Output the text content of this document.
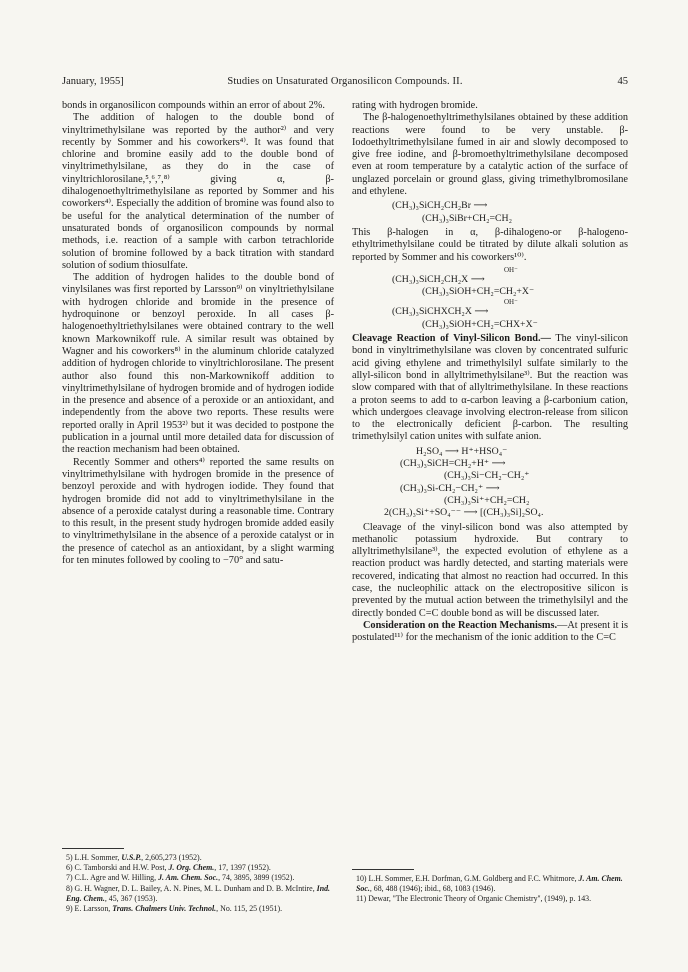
January, 1955]	Studies on Unsaturated Organosilicon Compounds. II.	45

bonds in organosilicon compounds within an error of about 2%.

The addition of halogen to the double bond of vinyltrimethylsilane was reported by the author²⁾ and very recently by Sommer and his coworkers⁴⁾. It was found that chlorine and bromine easily add to the double bond of vinyltrimethylsilane, as they do in the case of vinyltrichlorosilane,⁵,⁶,⁷,⁸⁾ giving α, β-dihalogenoethyltrimethylsilane as reported by Sommer and his coworkers⁴⁾. Especially the addition of bromine was found also to be useful for the analytical determination of the number of unsaturated bonds of organosilicon compounds by normal methods, i.e. reaction of a sample with carbon tetrachloride solution of bromine followed by a back titration with standard solution of sodium thiosulfate.

The addition of hydrogen halides to the double bond of vinylsilanes was first reported by Larsson⁹⁾ on vinyltriethylsilane with hydrogen chloride and bromide in the presence of hydroquinone or benzoyl peroxide. In all cases β-halogenoethyltriethylsilanes were obtained contrary to the well known Markownikoff rule. A similar result was obtained by Wagner and his coworkers⁸⁾ in the aluminum chloride catalyzed addition of hydrogen chloride to vinyltrichlorosilane. The present author also found this non-Markownikoff addition to vinyltrimethylsilane of hydrogen bromide and of hydrogen iodide in the presence and absence of a peroxide or an antioxidant, and independently from the above two reports. These results were reported orally in April 1953²⁾ but it was decided to postpone the publication in a journal until more detailed data for discussion of the reaction mechanism had been obtained.

Recently Sommer and others⁴⁾ reported the same results on vinyltrimethylsilane with hydrogen bromide in the presence of benzoyl peroxide and with hydrogen iodide. They found that hydrogen bromide did not add to vinyltrimethylsilane in the absence of a peroxide catalyst during a reasonable time. Contrary to this result, in the present study hydrogen bromide added easily to vinyltrimethylsilane in the absence of a peroxide catalyst or in the presence of catechol as an antioxidant, by a slight warming for ten minutes followed by cooling to −70° and satu-

rating with hydrogen bromide.

The β-halogenoethyltrimethylsilanes obtained by these addition reactions were found to be very unstable. β-Iodoethyltrimethylsilane fumed in air and slowly decomposed to give free iodine, and β-bromoethyltrimethylsilane decomposed even at room temperature by a catalytic action of the surface of unglazed porcelain or ground glass, giving trimethylbromosilane and ethylene.

(CH₃)₃SiCH₂CH₂Br ⟶
(CH₃)₃SiBr+CH₂=CH₂

This β-halogen in α, β-dihalogeno-or β-halogeno-ethyltrimethylsilane could be titrated by dilute alkali solution as reported by Sommer and his coworkers¹⁰⁾.

OH⁻
(CH₃)₃SiCH₂CH₂X ⟶
(CH₃)₃SiOH+CH₂=CH₂+X⁻
OH⁻
(CH₃)₃SiCHXCH₂X ⟶
(CH₃)₃SiOH+CH₂=CHX+X⁻

Cleavage Reaction of Vinyl-Silicon Bond.— The vinyl-silicon bond in vinyltrimethylsilane was cloven by concentrated sulfuric acid giving ethylene and trimethylsilyl sulfate similarly to the allyl-silicon bond in allyltrimethylsilane³⁾. But the reaction was slow compared with that of allyltrimethylsilane. In these reactions a proton seems to add to α-carbon leaving a β-carbonium cation, which undergoes cleavage involving electron-release from silicon to the electronically deficient β-carbon. The resulting trimethylsilyl cation unites with sulfate anion.

H₂SO₄ ⟶ H⁺+HSO₄⁻
(CH₃)₃SiCH=CH₂+H⁺ ⟶
(CH₃)₃Si−CH₂−CH₂⁺
(CH₃)₃Si-CH₂−CH₂⁺ ⟶
(CH₃)₃Si⁺+CH₂=CH₂
2(CH₃)₃Si⁺+SO₄⁻⁻ ⟶ [(CH₃)₃Si]₂SO₄.

Cleavage of the vinyl-silicon bond was also attempted by methanolic potassium hydroxide. But contrary to allyltrimethylsilane³⁾, the expected evolution of ethylene as a reaction product was hardly detected, and starting materials were recovered, indicating that almost no reaction had occurred. In this case, the nucleophilic attack on the electropositive silicon is prevented by the mutual action between the trimethylsilyl and the directly bonded C=C double bond as will be discussed later.

Consideration on the Reaction Mechanisms.—At present it is postulated¹¹⁾ for the mechanism of the ionic addition to the C=C

5) L.H. Sommer, U.S.P., 2,605,273 (1952).
6) C. Tamborski and H.W. Post, J. Org. Chem., 17, 1397 (1952).
7) C.L. Agre and W. Hilling, J. Am. Chem. Soc., 74, 3895, 3899 (1952).
8) G. H. Wagner, D. L. Bailey, A. N. Pines, M. L. Dunham and D. B. McIntire, Ind. Eng. Chem., 45, 367 (1953).
9) E. Larsson, Trans. Chalmers Univ. Technol., No. 115, 25 (1951).
10) L.H. Sommer, E.H. Dorfman, G.M. Goldberg and F.C. Whitmore, J. Am. Chem. Soc., 68, 488 (1946); ibid., 68, 1083 (1946).
11) Dewar, ''The Electronic Theory of Organic Chemistry'', (1949), p. 143.
